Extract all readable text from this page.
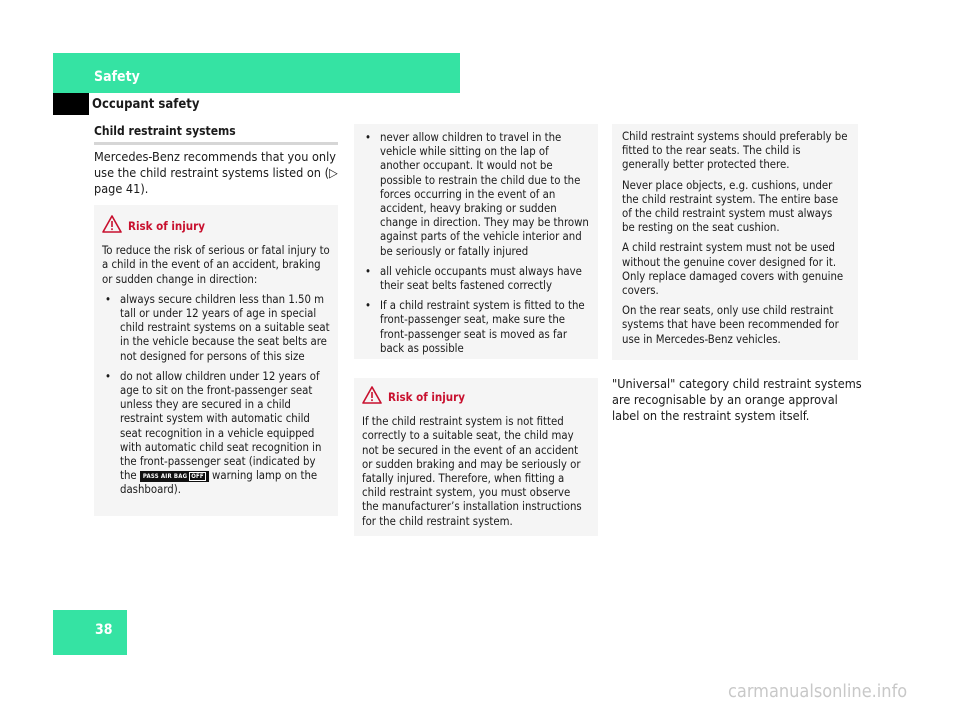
Safety
Occupant safety
Child restraint systems
Mercedes-Benz recommends that you only use the child restraint systems listed on (▷ page 41).
Risk of injury

To reduce the risk of serious or fatal injury to a child in the event of an accident, braking or sudden change in direction:

• always secure children less than 1.50 m tall or under 12 years of age in special child restraint systems on a suitable seat in the vehicle because the seat belts are not designed for persons of this size
• do not allow children under 12 years of age to sit on the front-passenger seat unless they are secured in a child restraint system with automatic child seat recognition in a vehicle equipped with automatic child seat recognition in the front-passenger seat (indicated by the PASS AIR BAG OFF warning lamp on the dashboard).
• never allow children to travel in the vehicle while sitting on the lap of another occupant. It would not be possible to restrain the child due to the forces occurring in the event of an accident, heavy braking or sudden change in direction. They may be thrown against parts of the vehicle interior and be seriously or fatally injured
• all vehicle occupants must always have their seat belts fastened correctly
• If a child restraint system is fitted to the front-passenger seat, make sure the front-passenger seat is moved as far back as possible
Risk of injury

If the child restraint system is not fitted correctly to a suitable seat, the child may not be secured in the event of an accident or sudden braking and may be seriously or fatally injured. Therefore, when fitting a child restraint system, you must observe the manufacturer’s installation instructions for the child restraint system.

Child restraint systems should preferably be fitted to the rear seats. The child is generally better protected there.

Never place objects, e.g. cushions, under the child restraint system. The entire base of the child restraint system must always be resting on the seat cushion.

A child restraint system must not be used without the genuine cover designed for it. Only replace damaged covers with genuine covers.

On the rear seats, only use child restraint systems that have been recommended for use in Mercedes-Benz vehicles.

"Universal" category child restraint systems are recognisable by an orange approval label on the restraint system itself.
38
carmanualsonline.info
